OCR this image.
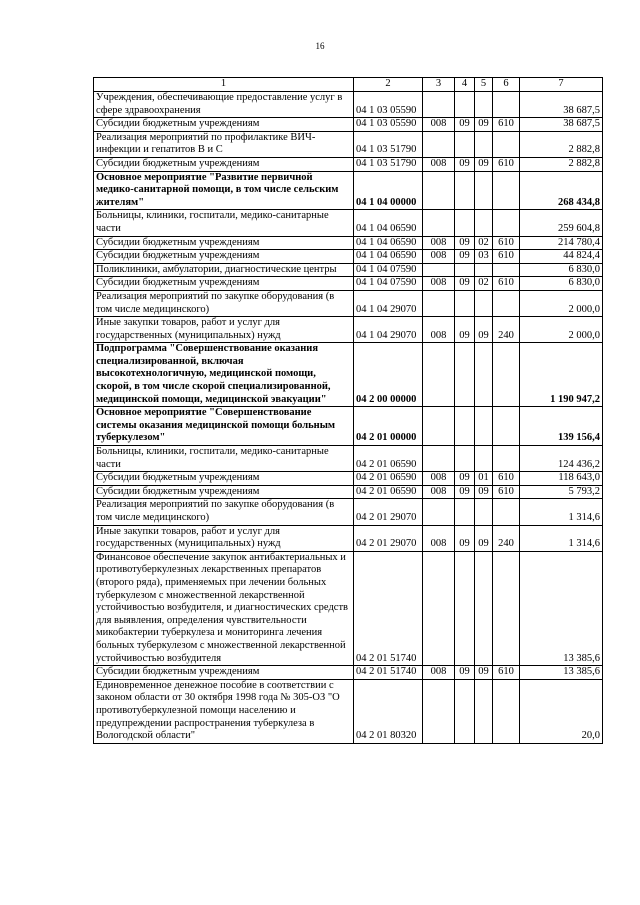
16
1	2	3	4	5	6	7
Учреждения, обеспечивающие предоставление услуг в сфере здравоохранения	04 1 03 05590					38 687,5
Субсидии бюджетным учреждениям	04 1 03 05590	008	09	09	610	38 687,5
Реализация мероприятий по профилактике ВИЧ-инфекции и гепатитов В и С	04 1 03 51790					2 882,8
Субсидии бюджетным учреждениям	04 1 03 51790	008	09	09	610	2 882,8
Основное мероприятие "Развитие первичной медико-санитарной помощи, в том числе сельским жителям"	04 1 04 00000					268 434,8
Больницы, клиники, госпитали, медико-санитарные части	04 1 04 06590					259 604,8
Субсидии бюджетным учреждениям	04 1 04 06590	008	09	02	610	214 780,4
Субсидии бюджетным учреждениям	04 1 04 06590	008	09	03	610	44 824,4
Поликлиники, амбулатории, диагностические центры	04 1 04 07590					6 830,0
Субсидии бюджетным учреждениям	04 1 04 07590	008	09	02	610	6 830,0
Реализация мероприятий по закупке оборудования (в том числе медицинского)	04 1 04 29070					2 000,0
Иные закупки товаров, работ и услуг для государственных (муниципальных) нужд	04 1 04 29070	008	09	09	240	2 000,0
Подпрограмма "Совершенствование оказания специализированной, включая высокотехнологичную, медицинской помощи, скорой, в том числе скорой специализированной, медицинской помощи, медицинской эвакуации"	04 2 00 00000					1 190 947,2
Основное мероприятие "Совершенствование системы оказания медицинской помощи больным туберкулезом"	04 2 01 00000					139 156,4
Больницы, клиники, госпитали, медико-санитарные части	04 2 01 06590					124 436,2
Субсидии бюджетным учреждениям	04 2 01 06590	008	09	01	610	118 643,0
Субсидии бюджетным учреждениям	04 2 01 06590	008	09	09	610	5 793,2
Реализация мероприятий по закупке оборудования (в том числе медицинского)	04 2 01 29070					1 314,6
Иные закупки товаров, работ и услуг для государственных (муниципальных) нужд	04 2 01 29070	008	09	09	240	1 314,6
Финансовое обеспечение закупок антибактериальных и противотуберкулезных лекарственных препаратов (второго ряда), применяемых при лечении больных туберкулезом с множественной лекарственной устойчивостью возбудителя, и диагностических средств для выявления, определения чувствительности микобактерии туберкулеза и мониторинга лечения больных туберкулезом с множественной лекарственной устойчивостью возбудителя	04 2 01 51740					13 385,6
Субсидии бюджетным учреждениям	04 2 01 51740	008	09	09	610	13 385,6
Единовременное денежное пособие в соответствии с законом области от 30 октября 1998 года № 305-ОЗ "О противотуберкулезной помощи населению и предупреждении распространения туберкулеза в Вологодской области"	04 2 01 80320					20,0
